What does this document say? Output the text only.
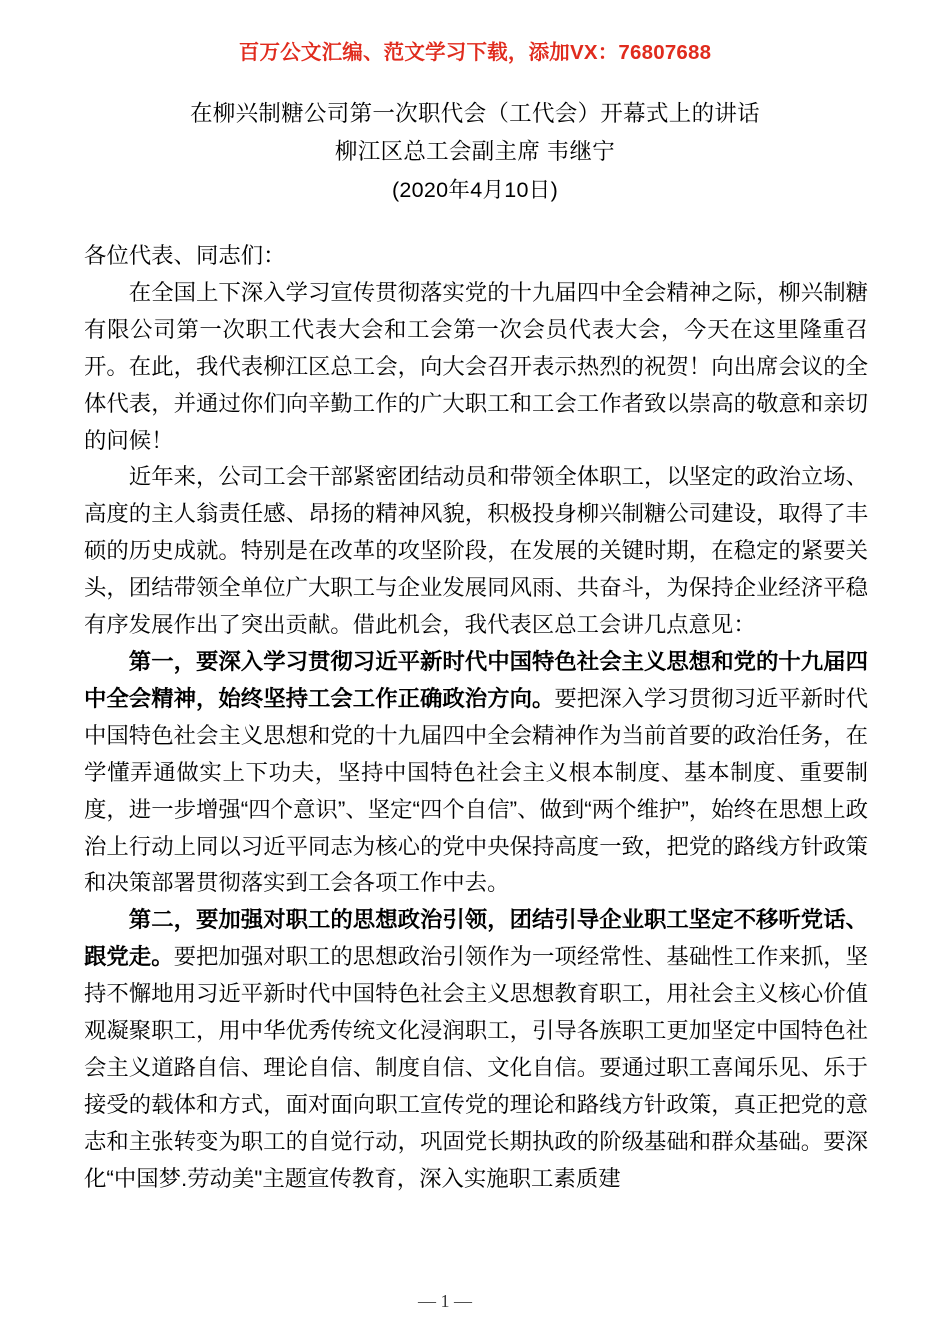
百万公文汇编、范文学习下载，添加VX：76807688
在柳兴制糖公司第一次职代会（工代会）开幕式上的讲话
柳江区总工会副主席 韦继宁
(2020年4月10日)

各位代表、同志们：

在全国上下深入学习宣传贯彻落实党的十九届四中全会精神之际，柳兴制糖有限公司第一次职工代表大会和工会第一次会员代表大会，今天在这里隆重召开。在此，我代表柳江区总工会，向大会召开表示热烈的祝贺！向出席会议的全体代表，并通过你们向辛勤工作的广大职工和工会工作者致以崇高的敬意和亲切的问候！

近年来，公司工会干部紧密团结动员和带领全体职工，以坚定的政治立场、高度的主人翁责任感、昂扬的精神风貌，积极投身柳兴制糖公司建设，取得了丰硕的历史成就。特别是在改革的攻坚阶段，在发展的关键时期，在稳定的紧要关头，团结带领全单位广大职工与企业发展同风雨、共奋斗，为保持企业经济平稳有序发展作出了突出贡献。借此机会，我代表区总工会讲几点意见：

第一，要深入学习贯彻习近平新时代中国特色社会主义思想和党的十九届四中全会精神，始终坚持工会工作正确政治方向。要把深入学习贯彻习近平新时代中国特色社会主义思想和党的十九届四中全会精神作为当前首要的政治任务，在学懂弄通做实上下功夫，坚持中国特色社会主义根本制度、基本制度、重要制度，进一步增强“四个意识”、坚定“四个自信”、做到“两个维护”，始终在思想上政治上行动上同以习近平同志为核心的党中央保持高度一致，把党的路线方针政策和决策部署贯彻落实到工会各项工作中去。

第二，要加强对职工的思想政治引领，团结引导企业职工坚定不移听党话、跟党走。要把加强对职工的思想政治引领作为一项经常性、基础性工作来抓，坚持不懈地用习近平新时代中国特色社会主义思想教育职工，用社会主义核心价值观凝聚职工，用中华优秀传统文化浸润职工，引导各族职工更加坚定中国特色社会主义道路自信、理论自信、制度自信、文化自信。要通过职工喜闻乐见、乐于接受的载体和方式，面对面向职工宣传党的理论和路线方针政策，真正把党的意志和主张转变为职工的自觉行动，巩固党长期执政的阶级基础和群众基础。要深化“中国梦.劳动美"主题宣传教育，深入实施职工素质建

— 1 —
